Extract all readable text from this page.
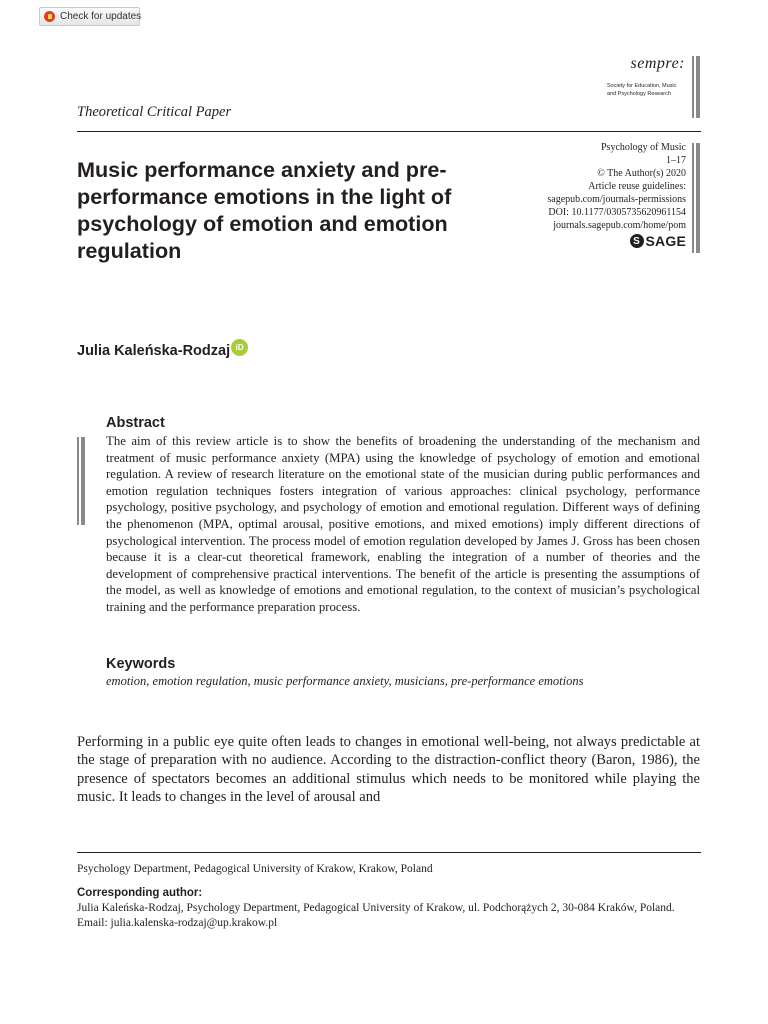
Check for updates
sempre:
Society for Education, Music
and Psychology Research
Theoretical Critical Paper
Music performance anxiety and pre-performance emotions in the light of psychology of emotion and emotion regulation
Psychology of Music
1–17
© The Author(s) 2020
Article reuse guidelines:
sagepub.com/journals-permissions
DOI: 10.1177/0305735620961154
journals.sagepub.com/home/pom
S SAGE
Julia Kaleńska-Rodzaj iD
Abstract

The aim of this review article is to show the benefits of broadening the understanding of the mechanism and treatment of music performance anxiety (MPA) using the knowledge of psychology of emotion and emotional regulation. A review of research literature on the emotional state of the musician during public performances and emotion regulation techniques fosters integration of various approaches: clinical psychology, performance psychology, positive psychology, and psychology of emotion and emotional regulation. Different ways of defining the phenomenon (MPA, optimal arousal, positive emotions, and mixed emotions) imply different directions of psychological intervention. The process model of emotion regulation developed by James J. Gross has been chosen because it is a clear-cut theoretical framework, enabling the integration of a number of theories and the development of comprehensive practical interventions. The benefit of the article is presenting the assumptions of the model, as well as knowledge of emotions and emotional regulation, to the context of musician’s psychological training and the performance preparation process.

Keywords

emotion, emotion regulation, music performance anxiety, musicians, pre-performance emotions

Performing in a public eye quite often leads to changes in emotional well-being, not always predictable at the stage of preparation with no audience. According to the distraction-conflict theory (Baron, 1986), the presence of spectators becomes an additional stimulus which needs to be monitored while playing the music. It leads to changes in the level of arousal and

Psychology Department, Pedagogical University of Krakow, Krakow, Poland
Corresponding author:
Julia Kaleńska-Rodzaj, Psychology Department, Pedagogical University of Krakow, ul. Podchorążych 2, 30-084 Kraków, Poland.
Email: julia.kalenska-rodzaj@up.krakow.pl
